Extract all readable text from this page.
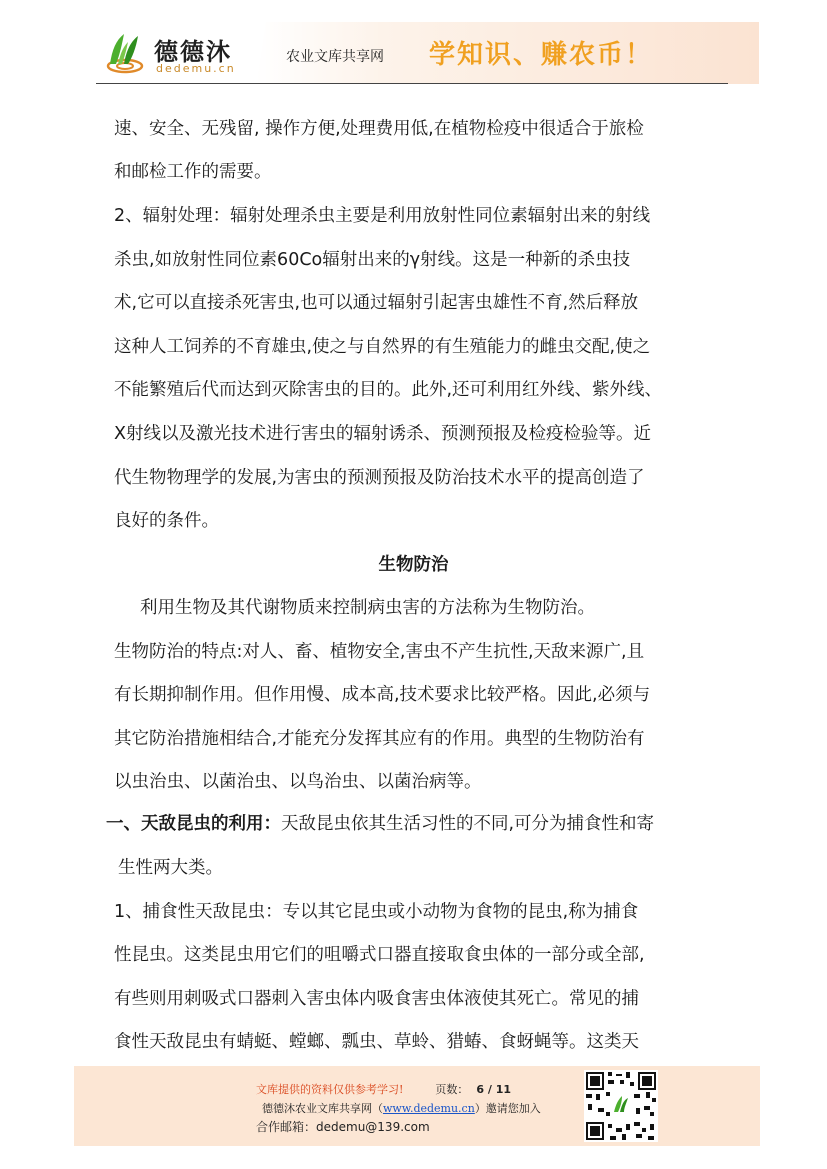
德德沐
dedemu.cn
农业文库共享网 学知识、赚农币！
速、安全、无残留, 操作方便,处理费用低,在植物检疫中很适合于旅检
和邮检工作的需要。
2、辐射处理：辐射处理杀虫主要是利用放射性同位素辐射出来的射线
杀虫,如放射性同位素60Co辐射出来的γ射线。这是一种新的杀虫技
术,它可以直接杀死害虫,也可以通过辐射引起害虫雄性不育,然后释放
这种人工饲养的不育雄虫,使之与自然界的有生殖能力的雌虫交配,使之
不能繁殖后代而达到灭除害虫的目的。此外,还可利用红外线、紫外线、
X射线以及激光技术进行害虫的辐射诱杀、预测预报及检疫检验等。近
代生物物理学的发展,为害虫的预测预报及防治技术水平的提高创造了
良好的条件。
生物防治
利用生物及其代谢物质来控制病虫害的方法称为生物防治。
生物防治的特点:对人、畜、植物安全,害虫不产生抗性,天敌来源广,且
有长期抑制作用。但作用慢、成本高,技术要求比较严格。因此,必须与
其它防治措施相结合,才能充分发挥其应有的作用。典型的生物防治有
以虫治虫、以菌治虫、以鸟治虫、以菌治病等。
一、天敌昆虫的利用：天敌昆虫依其生活习性的不同,可分为捕食性和寄
生性两大类。
1、捕食性天敌昆虫：专以其它昆虫或小动物为食物的昆虫,称为捕食
性昆虫。这类昆虫用它们的咀嚼式口器直接取食虫体的一部分或全部,
有些则用刺吸式口器刺入害虫体内吸食害虫体液使其死亡。常见的捕
食性天敌昆虫有蜻蜓、螳螂、瓢虫、草蛉、猎蝽、食蚜蝇等。这类天
文库提供的资料仅供参考学习!	页数： 6 / 11
德德沐农业文库共享网（www.dedemu.cn）邀请您加入
合作邮箱：dedemu@139.com
